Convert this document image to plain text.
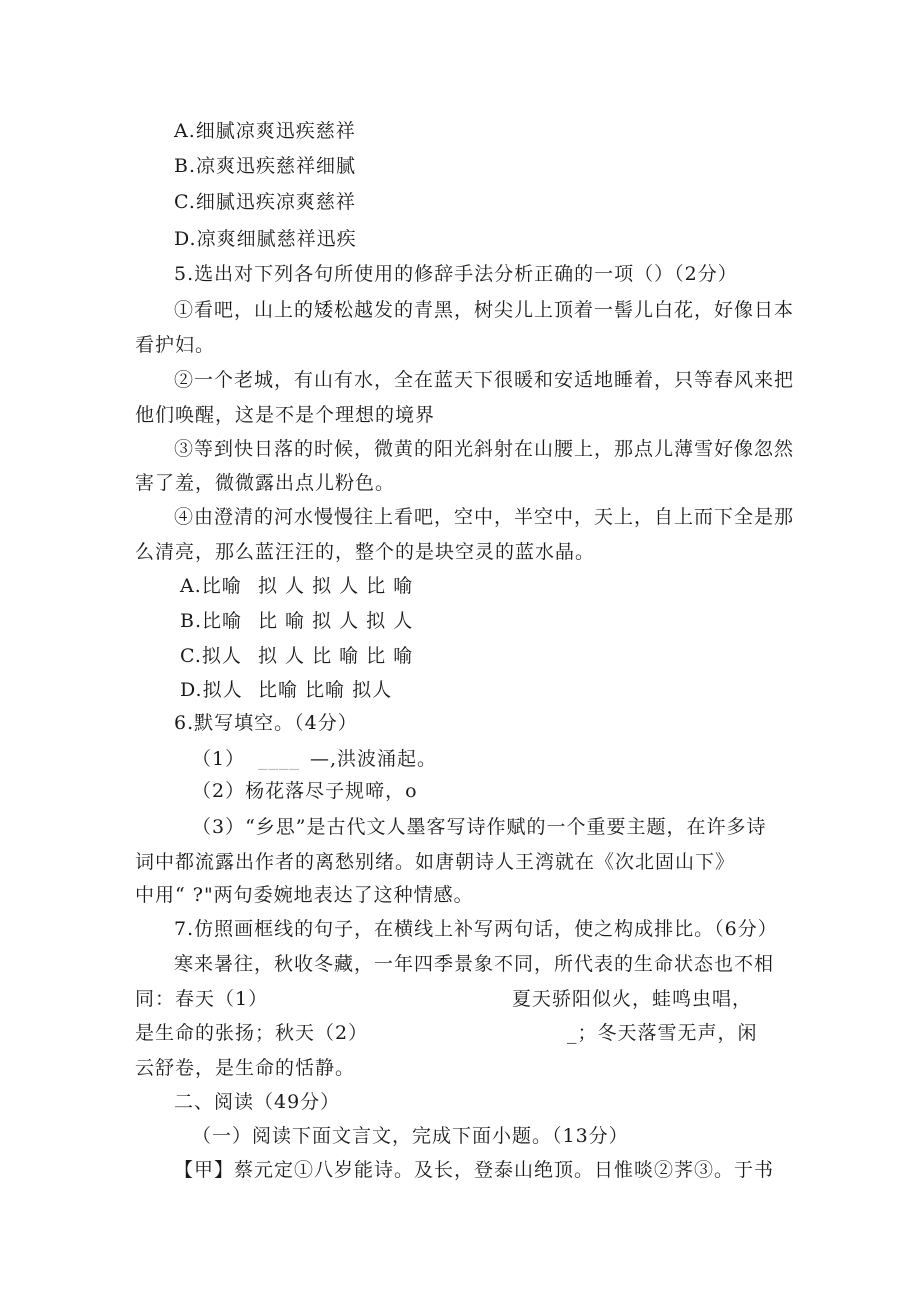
A.细腻凉爽迅疾慈祥
B.凉爽迅疾慈祥细腻
C.细腻迅疾凉爽慈祥
D.凉爽细腻慈祥迅疾
5.选出对下列各句所使用的修辞手法分析正确的一项（）（2分）
①看吧，山上的矮松越发的青黑，树尖儿上顶着一髻儿白花，好像日本
看护妇。
②一个老城，有山有水，全在蓝天下很暖和安适地睡着，只等春风来把
他们唤醒，这是不是个理想的境界
③等到快日落的时候，微黄的阳光斜射在山腰上，那点儿薄雪好像忽然
害了羞，微微露出点儿粉色。
④由澄清的河水慢慢往上看吧，空中，半空中，天上，自上而下全是那
么清亮，那么蓝汪汪的，整个的是块空灵的蓝水晶。
A.比喻 拟 人 拟 人 比 喻
B.比喻 比 喻 拟 人 拟 人
C.拟人 拟 人 比 喻 比 喻
D.拟人 比喻 比喻 拟人
6.默写填空。（4分）
（1） ____ —,洪波涌起。
（2）杨花落尽子规啼，o
（3）“乡思”是古代文人墨客写诗作赋的一个重要主题，在许多诗
词中都流露出作者的离愁别绪。如唐朝诗人王湾就在《次北固山下》
中用“ ?"两句委婉地表达了这种情感。
7.仿照画框线的句子，在横线上补写两句话，使之构成排比。（6分）
寒来暑往，秋收冬藏，一年四季景象不同，所代表的生命状态也不相
同：春天（1）	夏天骄阳似火，蛙鸣虫唱，
是生命的张扬；秋天（2）	_；冬天落雪无声，闲
云舒卷，是生命的恬静。
二、阅读（49分）
（一）阅读下面文言文，完成下面小题。（13分）
【甲】蔡元定①八岁能诗。及长，登泰山绝顶。日惟啖②荠③。于书
